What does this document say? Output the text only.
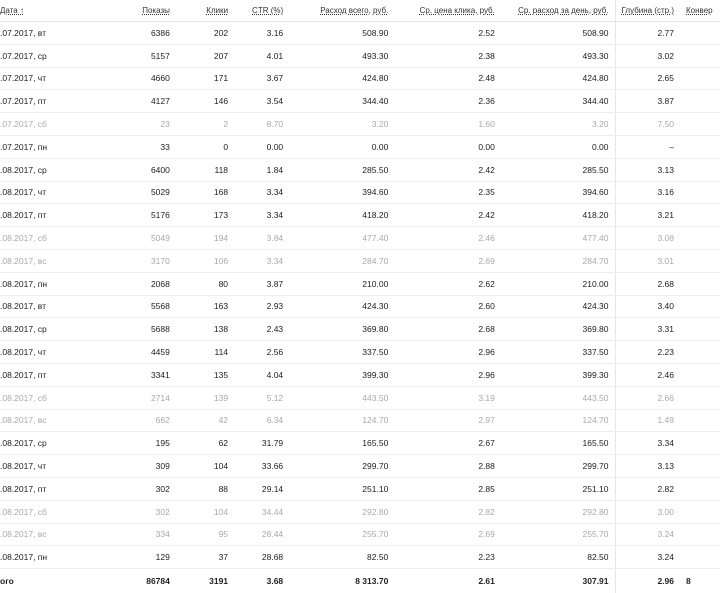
Дата ↑	Показы	Клики	CTR (%)	Расход всего, руб.	Ср. цена клика, руб.	Ср. расход за день, руб.	Глубина (стр.)	Конвер
.07.2017, вт	6386	202	3.16	508.90	2.52	508.90	2.77	
.07.2017, ср	5157	207	4.01	493.30	2.38	493.30	3.02	
.07.2017, чт	4660	171	3.67	424.80	2.48	424.80	2.65	
.07.2017, пт	4127	146	3.54	344.40	2.36	344.40	3.87	
.07.2017, сб	23	2	8.70	3.20	1.60	3.20	7.50	
.07.2017, пн	33	0	0.00	0.00	0.00	0.00	–	
.08.2017, ср	6400	118	1.84	285.50	2.42	285.50	3.13	
.08.2017, чт	5029	168	3.34	394.60	2.35	394.60	3.16	
.08.2017, пт	5176	173	3.34	418.20	2.42	418.20	3.21	
.08.2017, сб	5049	194	3.84	477.40	2.46	477.40	3.08	
.08.2017, вс	3170	106	3.34	284.70	2.69	284.70	3.01	
.08.2017, пн	2068	80	3.87	210.00	2.62	210.00	2.68	
.08.2017, вт	5568	163	2.93	424.30	2.60	424.30	3.40	
.08.2017, ср	5688	138	2.43	369.80	2.68	369.80	3.31	
.08.2017, чт	4459	114	2.56	337.50	2.96	337.50	2.23	
.08.2017, пт	3341	135	4.04	399.30	2.96	399.30	2.46	
.08.2017, сб	2714	139	5.12	443.50	3.19	443.50	2.66	
.08.2017, вс	662	42	6.34	124.70	2.97	124.70	1.49	
.08.2017, ср	195	62	31.79	165.50	2.67	165.50	3.34	
.08.2017, чт	309	104	33.66	299.70	2.88	299.70	3.13	
.08.2017, пт	302	88	29.14	251.10	2.85	251.10	2.82	
.08.2017, сб	302	104	34.44	292.80	2.82	292.80	3.00	
.08.2017, вс	334	95	28.44	255.70	2.69	255.70	3.24	
.08.2017, пн	129	37	28.68	82.50	2.23	82.50	3.24	
ого	86784	3191	3.68	8 313.70	2.61	307.91	2.96	8
